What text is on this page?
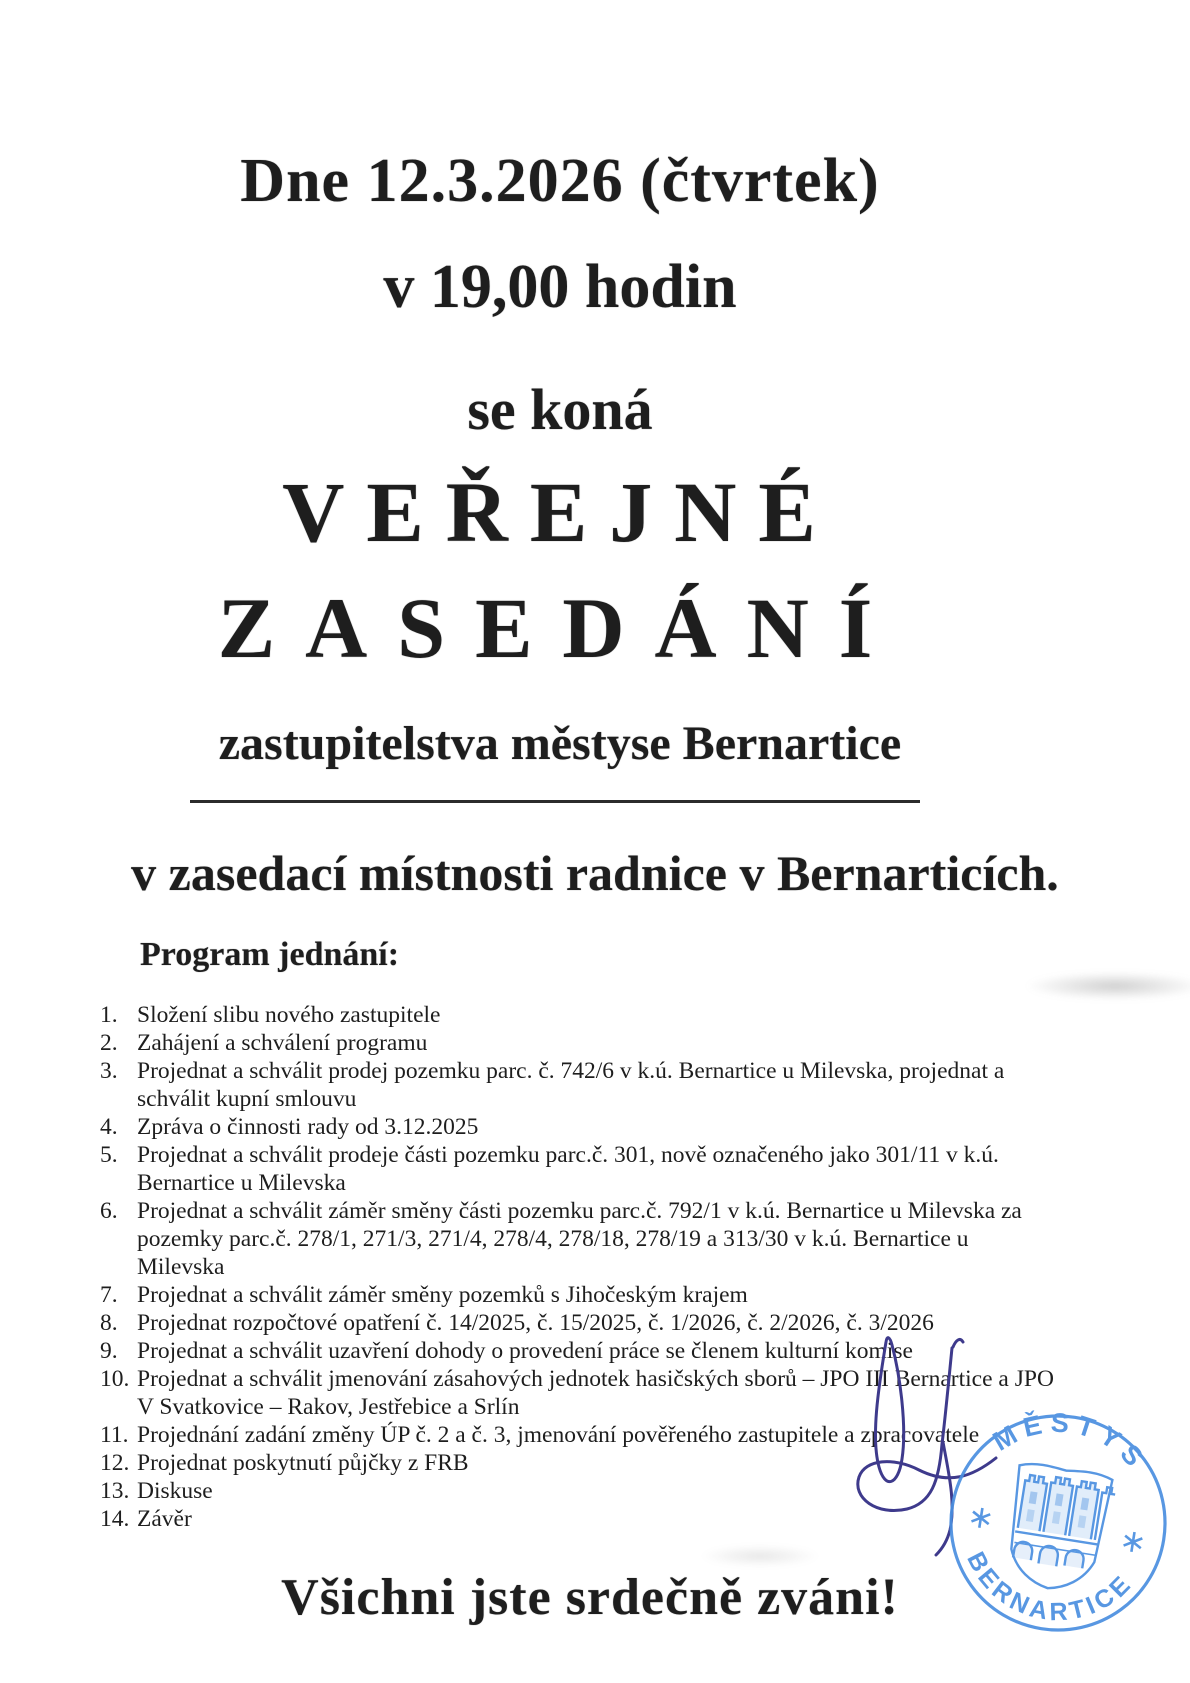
Dne 12.3.2026 (čtvrtek)
v 19,00 hodin
se koná
VEŘEJNÉ
ZASEDÁNÍ
zastupitelstva městyse Bernartice
v zasedací místnosti radnice v Bernarticích.
Program jednání:
1. Složení slibu nového zastupitele
2. Zahájení a schválení programu
3. Projednat a schválit prodej pozemku parc. č. 742/6 v k.ú. Bernartice u Milevska, projednat a schválit kupní smlouvu
4. Zpráva o činnosti rady od 3.12.2025
5. Projednat a schválit prodeje části pozemku parc.č. 301, nově označeného jako 301/11 v k.ú. Bernartice u Milevska
6. Projednat a schválit záměr směny části pozemku parc.č. 792/1 v k.ú. Bernartice u Milevska za pozemky parc.č. 278/1, 271/3, 271/4, 278/4, 278/18, 278/19 a 313/30 v k.ú. Bernartice u Milevska
7. Projednat a schválit záměr směny pozemků s Jihočeským krajem
8. Projednat rozpočtové opatření č. 14/2025, č. 15/2025, č. 1/2026, č. 2/2026, č. 3/2026
9. Projednat a schválit uzavření dohody o provedení práce se členem kulturní komise
10. Projednat a schválit jmenování zásahových jednotek hasičských sborů – JPO III Bernartice a JPO V Svatkovice – Rakov, Jestřebice a Srlín
11. Projednání zadání změny ÚP č. 2 a č. 3, jmenování pověřeného zastupitele a zpracovatele
12. Projednat poskytnutí půjčky z FRB
13. Diskuse
14. Závěr
Všichni jste srdečně zváni!
MĚSTYS
BERNARTICE
